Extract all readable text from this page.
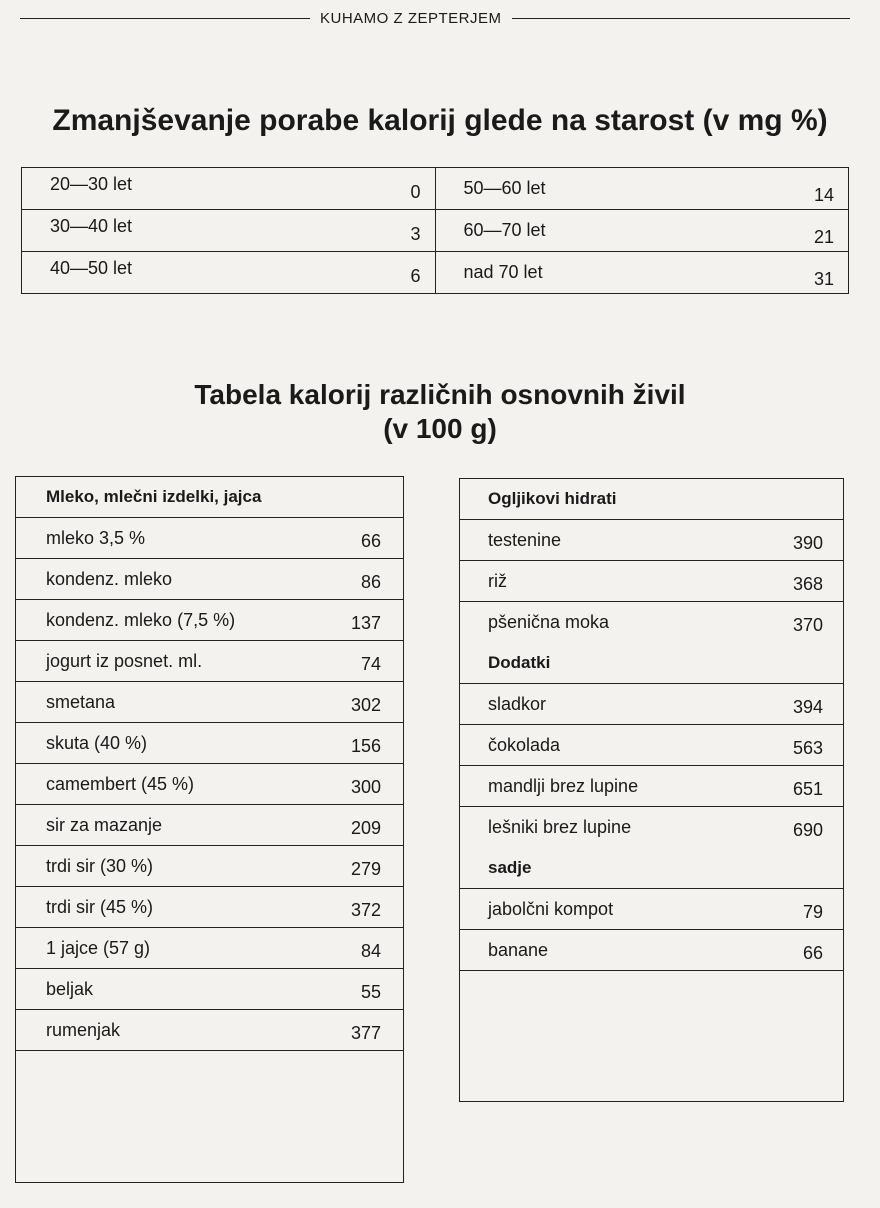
KUHAMO Z ZEPTERJEM
Zmanjševanje porabe kalorij glede na starost (v mg %)
20—30 let	0
30—40 let	3
40—50 let	6
50—60 let	14
60—70 let	21
nad 70 let	31
Tabela kalorij različnih osnovnih živil
(v 100 g)
Mleko, mlečni izdelki, jajca
mleko 3,5 %	66
kondenz. mleko	86
kondenz. mleko (7,5 %)	137
jogurt iz posnet. ml.	74
smetana	302
skuta (40 %)	156
camembert (45 %)	300
sir za mazanje	209
trdi sir (30 %)	279
trdi sir (45 %)	372
1 jajce (57 g)	84
beljak	55
rumenjak	377
Ogljikovi hidrati
testenine	390
riž	368
pšenična moka	370
Dodatki
sladkor	394
čokolada	563
mandlji brez lupine	651
lešniki brez lupine	690
sadje
jabolčni kompot	79
banane	66
